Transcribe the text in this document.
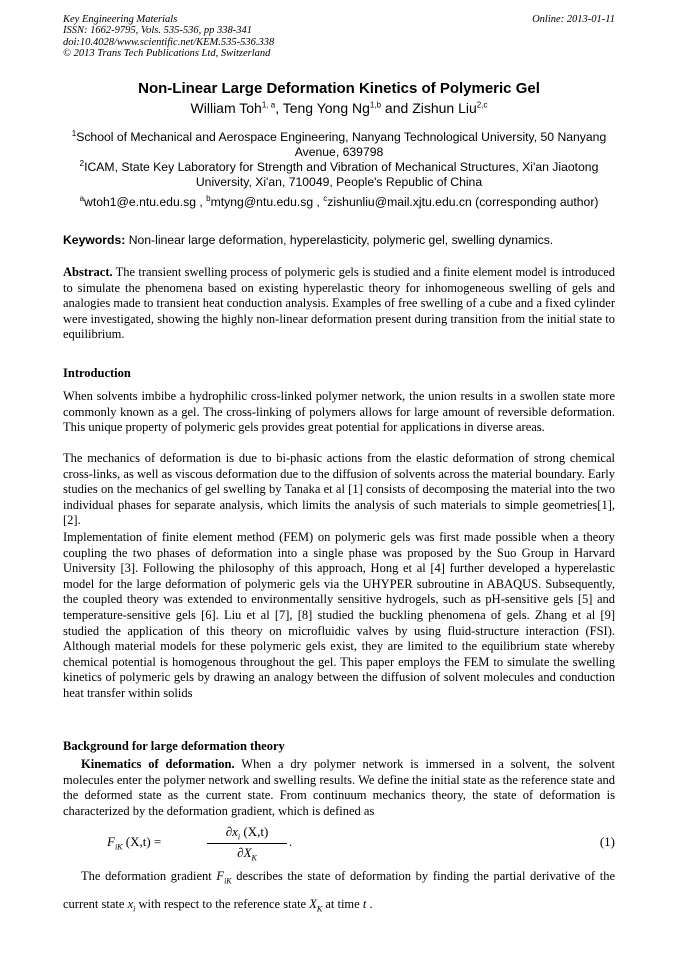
Key Engineering Materials
ISSN: 1662-9795, Vols. 535-536, pp 338-341
doi:10.4028/www.scientific.net/KEM.535-536.338
© 2013 Trans Tech Publications Ltd, Switzerland
Online: 2013-01-11
Non-Linear Large Deformation Kinetics of Polymeric Gel
William Toh$^{1, a}$, Teng Yong Ng$^{1,b}$ and Zishun Liu$^{2,c}$
$^1$School of Mechanical and Aerospace Engineering, Nanyang Technological University, 50 Nanyang Avenue, 639798
$^2$ICAM, State Key Laboratory for Strength and Vibration of Mechanical Structures, Xi'an Jiaotong University, Xi'an, 710049, People's Republic of China
$^a$wtoh1@e.ntu.edu.sg , $^b$mtyng@ntu.edu.sg , $^c$zishunliu@mail.xjtu.edu.cn (corresponding author)
Keywords: Non-linear large deformation, hyperelasticity, polymeric gel, swelling dynamics.
Abstract. The transient swelling process of polymeric gels is studied and a finite element model is introduced to simulate the phenomena based on existing hyperelastic theory for inhomogeneous swelling of gels and analogies made to transient heat conduction analysis. Examples of free swelling of a cube and a fixed cylinder were investigated, showing the highly non-linear deformation present during transition from the initial state to equilibrium.
Introduction

When solvents imbibe a hydrophilic cross-linked polymer network, the union results in a swollen state more commonly known as a gel. The cross-linking of polymers allows for large amount of reversible deformation. This unique property of polymeric gels provides great potential for applications in diverse areas.

The mechanics of deformation is due to bi-phasic actions from the elastic deformation of strong chemical cross-links, as well as viscous deformation due to the diffusion of solvents across the material boundary. Early studies on the mechanics of gel swelling by Tanaka et al [1] consists of decomposing the material into the two individual phases for separate analysis, which limits the analysis of such materials to simple geometries[1], [2].

Implementation of finite element method (FEM) on polymeric gels was first made possible when a theory coupling the two phases of deformation into a single phase was proposed by the Suo Group in Harvard University [3]. Following the philosophy of this approach, Hong et al [4] further developed a hyperelastic model for the large deformation of polymeric gels via the UHYPER subroutine in ABAQUS. Subsequently, the coupled theory was extended to environmentally sensitive hydrogels, such as pH-sensitive gels [5] and temperature-sensitive gels [6]. Liu et al [7], [8] studied the buckling phenomena of gels. Zhang et al [9] studied the application of this theory on microfluidic valves by using fluid-structure interaction (FSI). Although material models for these polymeric gels exist, they are limited to the equilibrium state whereby chemical potential is homogenous throughout the gel. This paper employs the FEM to simulate the swelling kinetics of polymeric gels by drawing an analogy between the diffusion of solvent molecules and conduction heat transfer within solids

Background for large deformation theory

Kinematics of deformation. When a dry polymer network is immersed in a solvent, the solvent molecules enter the polymer network and swelling results. We define the initial state as the reference state and the deformed state as the current state. From continuum mechanics theory, the state of deformation is characterized by the deformation gradient, which is defined as

$F_{iK}$ (X,t) =	$\frac{\partial x_i (X,t)}{\partial X_K}$ .	(1)

The deformation gradient $F_{iK}$ describes the state of deformation by finding the partial derivative of the current state $x_i$ with respect to the reference state $X_K$ at time t .
